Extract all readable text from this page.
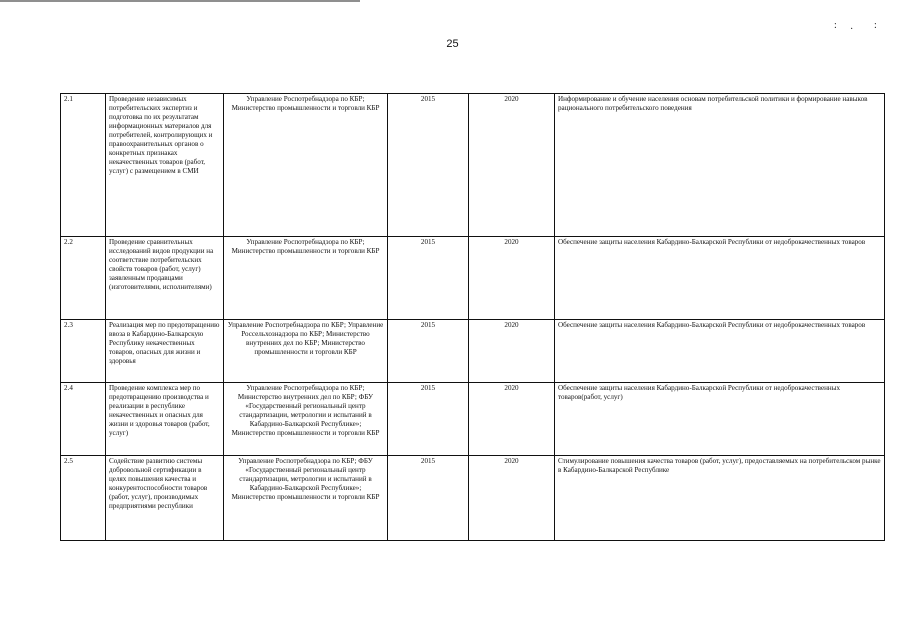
: · :
25
2.1	Проведение независимых потребительских экспертиз и подготовка по их результатам информационных материалов для потребителей, контролирующих и правоохранительных органов о конкретных признаках некачественных товаров (работ, услуг) с размещением в СМИ	Управление Роспотребнадзора по КБР; Министерство промышленности и торговли КБР	2015	2020	Информирование и обучение населения основам потребительской политики и формирование навыков рационального потребительского поведения
2.2	Проведение сравнительных исследований видов продукции на соответствие потребительских свойств товаров (работ, услуг) заявленным продавцами (изготовителями, исполнителями)	Управление Роспотребнадзора по КБР; Министерство промышленности и торговли КБР	2015	2020	Обеспечение защиты населения Кабардино-Балкарской Республики от недоброкачественных товаров
2.3	Реализация мер по предотвращению ввоза в Кабардино-Балкарскую Республику некачественных товаров, опасных для жизни и здоровья	Управление Роспотребнадзора по КБР; Управление Россельхознадзора по КБР; Министерство внутренних дел по КБР; Министерство промышленности и торговли КБР	2015	2020	Обеспечение защиты населения Кабардино-Балкарской Республики от недоброкачественных товаров
2.4	Проведение комплекса мер по предотвращению производства и реализации в республике некачественных и опасных для жизни и здоровья товаров (работ, услуг)	Управление Роспотребнадзора по КБР; Министерство внутренних дел по КБР; ФБУ «Государственный региональный центр стандартизации, метрологии и испытаний в Кабардино-Балкарской Республике»; Министерство промышленности и торговли КБР	2015	2020	Обеспечение защиты населения Кабардино-Балкарской Республики от недоброкачественных товаров(работ, услуг)
2.5	Содействие развитию системы добровольной сертификации в целях повышения качества и конкурентоспособности товаров (работ, услуг), производимых предприятиями республики	Управление Роспотребнадзора по КБР; ФБУ «Государственный региональный центр стандартизации, метрологии и испытаний в Кабардино-Балкарской Республике»; Министерство промышленности и торговли КБР	2015	2020	Стимулирование повышения качества товаров (работ, услуг), предоставляемых на потребительском рынке в Кабардино-Балкарской Республике
